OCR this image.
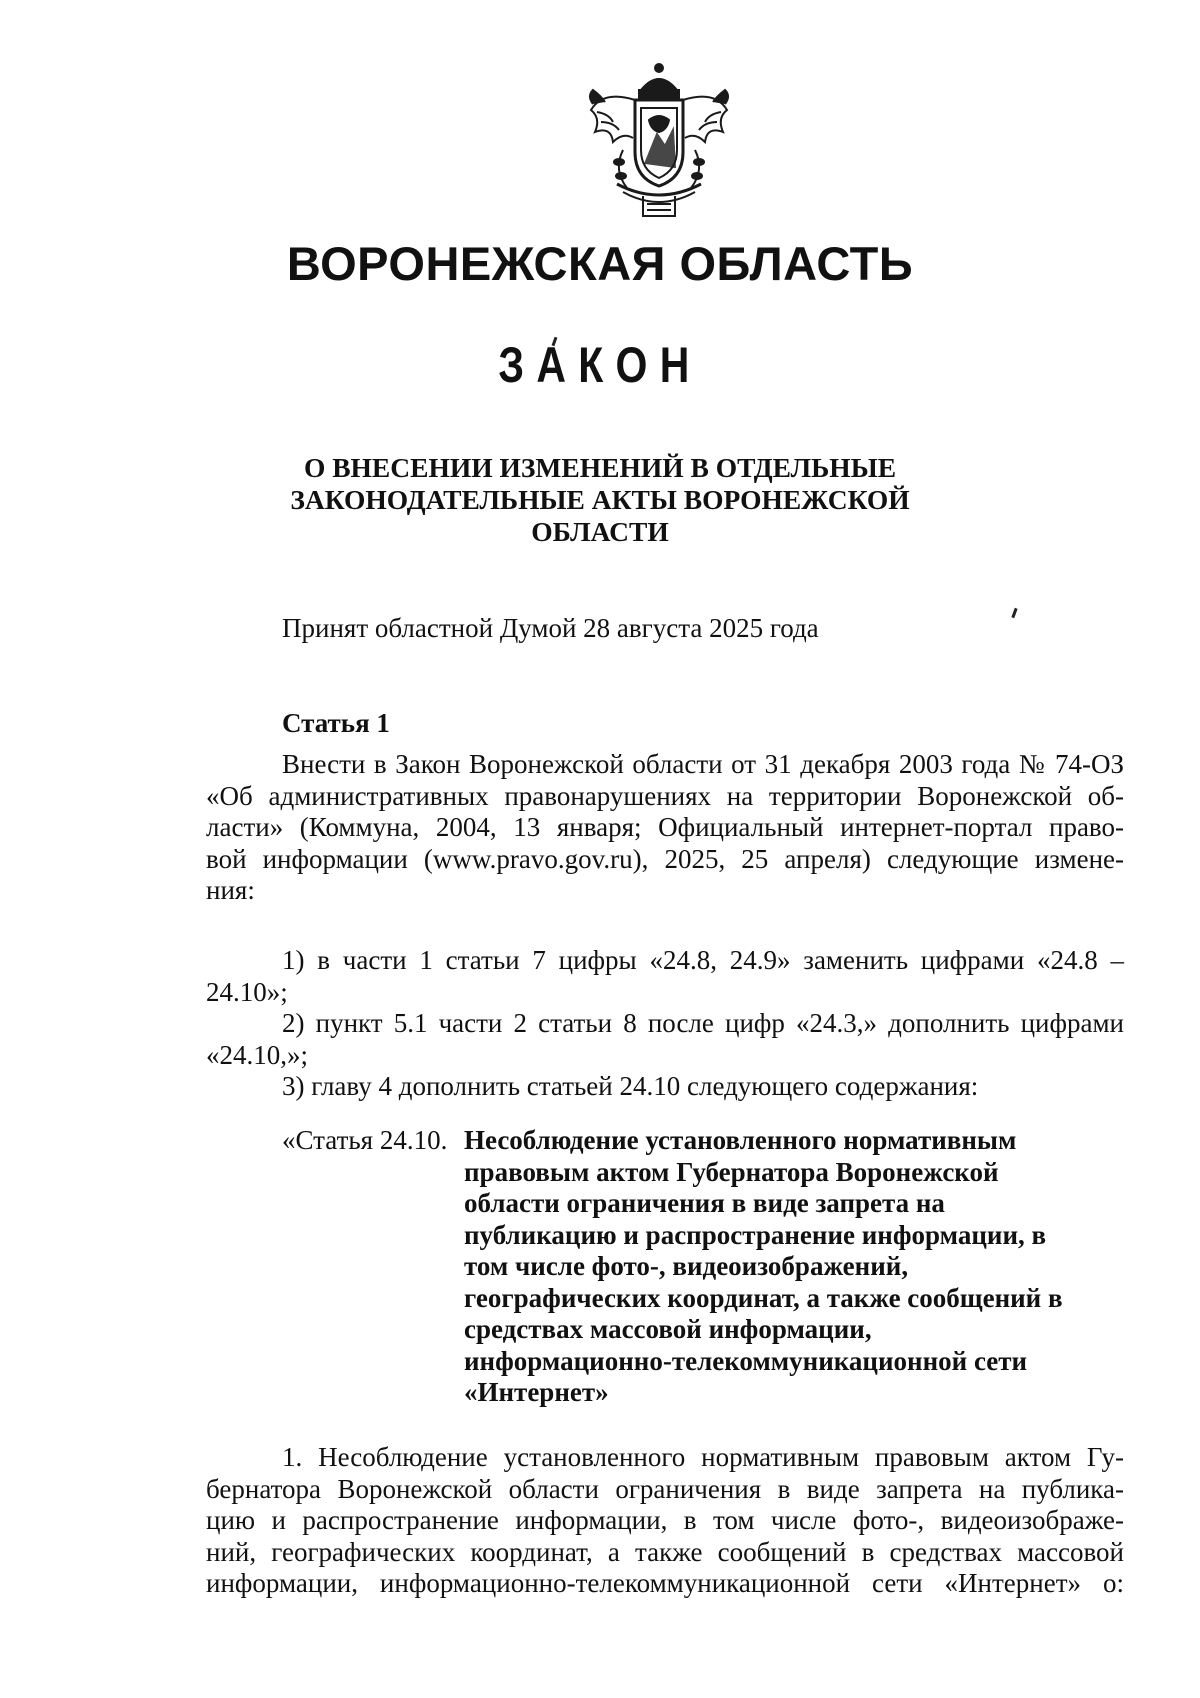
ВОРОНЕЖСКАЯ ОБЛАСТЬ
ЗАКОН
О ВНЕСЕНИИ ИЗМЕНЕНИЙ В ОТДЕЛЬНЫЕ
ЗАКОНОДАТЕЛЬНЫЕ АКТЫ ВОРОНЕЖСКОЙ
ОБЛАСТИ
Принят областной Думой 28 августа 2025 года
Статья 1
Внести в Закон Воронежской области от 31 декабря 2003 года № 74-ОЗ
«Об административных правонарушениях на территории Воронежской об-
ласти» (Коммуна, 2004, 13 января; Официальный интернет-портал право-
вой информации (www.pravo.gov.ru), 2025, 25 апреля) следующие измене-
ния:
1) в части 1 статьи 7 цифры «24.8, 24.9» заменить цифрами «24.8 –
24.10»;
2) пункт 5.1 части 2 статьи 8 после цифр «24.3,» дополнить цифрами
«24.10,»;
3) главу 4 дополнить статьей 24.10 следующего содержания:
«Статья 24.10. Несоблюдение установленного нормативным
правовым актом Губернатора Воронежской
области ограничения в виде запрета на
публикацию и распространение информации, в
том числе фото-, видеоизображений,
географических координат, а также сообщений в
средствах массовой информации,
информационно-телекоммуникационной сети
«Интернет»
1. Несоблюдение установленного нормативным правовым актом Гу-
бернатора Воронежской области ограничения в виде запрета на публика-
цию и распространение информации, в том числе фото-, видеоизображе-
ний, географических координат, а также сообщений в средствах массовой
информации, информационно-телекоммуникационной сети «Интернет» о:
